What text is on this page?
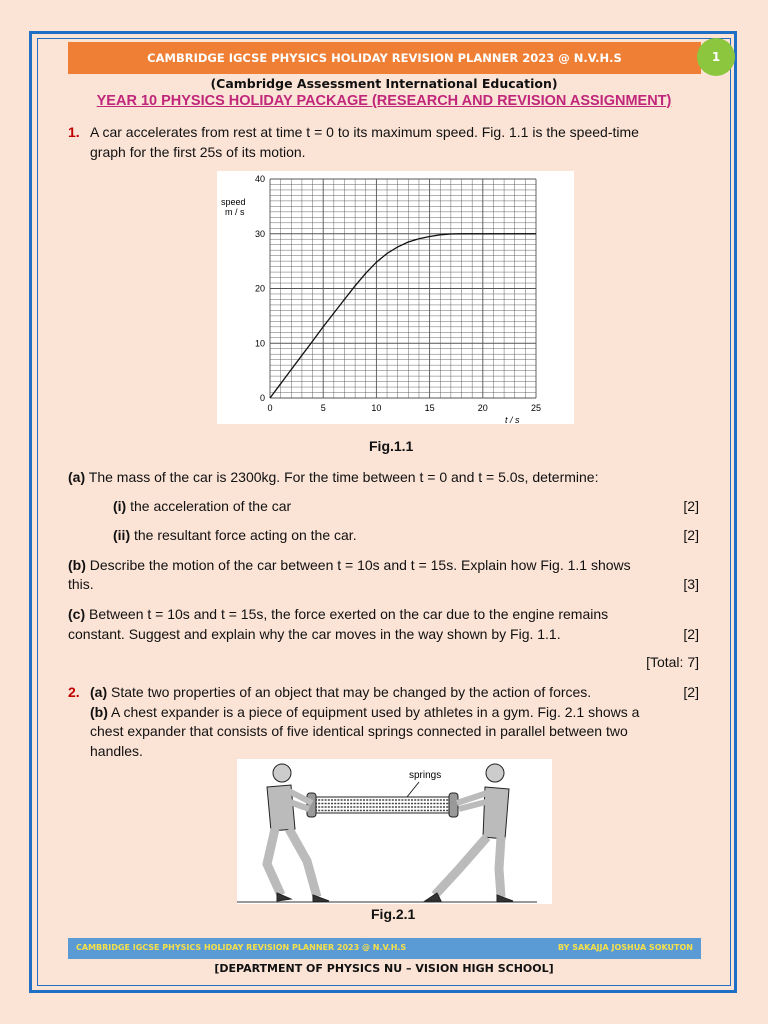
CAMBRIDGE IGCSE PHYSICS HOLIDAY REVISION PLANNER 2023 @ N.V.H.S	1
(Cambridge Assessment International Education)
YEAR 10 PHYSICS HOLIDAY PACKAGE (RESEARCH AND REVISION ASSIGNMENT)
1. A car accelerates from rest at time t = 0 to its maximum speed. Fig. 1.1 is the speed-time
graph for the first 25s of its motion.
0	5	10	15	20	25
0
10
20
30
40
speed
m / s
t / s
Fig.1.1
(a) The mass of the car is 2300kg. For the time between t = 0 and t = 5.0s, determine:
(i) the acceleration of the car	[2]
(ii) the resultant force acting on the car.	[2]
(b) Describe the motion of the car between t = 10s and t = 15s. Explain how Fig. 1.1 shows
this.	[3]
(c) Between t = 10s and t = 15s, the force exerted on the car due to the engine remains
constant. Suggest and explain why the car moves in the way shown by Fig. 1.1.	[2]
[Total: 7]
2. (a) State two properties of an object that may be changed by the action of forces.	[2]
(b) A chest expander is a piece of equipment used by athletes in a gym. Fig. 2.1 shows a
chest expander that consists of five identical springs connected in parallel between two
handles.
springs
Fig.2.1
CAMBRIDGE IGCSE PHYSICS HOLIDAY REVISION PLANNER 2023 @ N.V.H.S	BY SAKAJJA JOSHUA SOKUTON
[DEPARTMENT OF PHYSICS NU – VISION HIGH SCHOOL]
